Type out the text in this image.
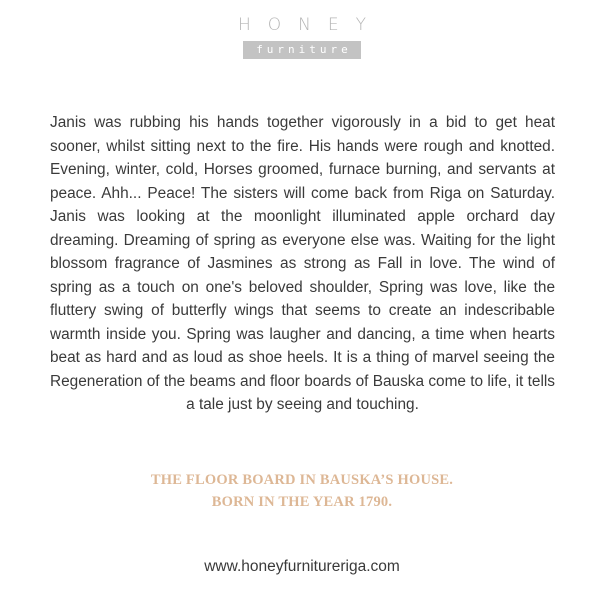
HONEY
furniture

Janis was rubbing his hands together vigorously in a bid to get heat sooner, whilst sitting next to the fire. His hands were rough and knotted. Evening, winter, cold, Horses groomed, furnace burning, and servants at peace. Ahh... Peace! The sisters will come back from Riga on Saturday. Janis was looking at the moonlight illuminated apple orchard day dreaming. Dreaming of spring as everyone else was. Waiting for the light blossom fragrance of Jasmines as strong as Fall in love. The wind of spring as a touch on one's beloved shoulder, Spring was love, like the fluttery swing of butterfly wings that seems to create an indescribable warmth inside you. Spring was laugher and dancing, a time when hearts beat as hard and as loud as shoe heels. It is a thing of marvel seeing the Regeneration of the beams and floor boards of Bauska come to life, it tells a tale just by seeing and touching.

THE FLOOR BOARD IN BAUSKA’S HOUSE.
BORN IN THE YEAR 1790.
www.honeyfurnitureriga.com
